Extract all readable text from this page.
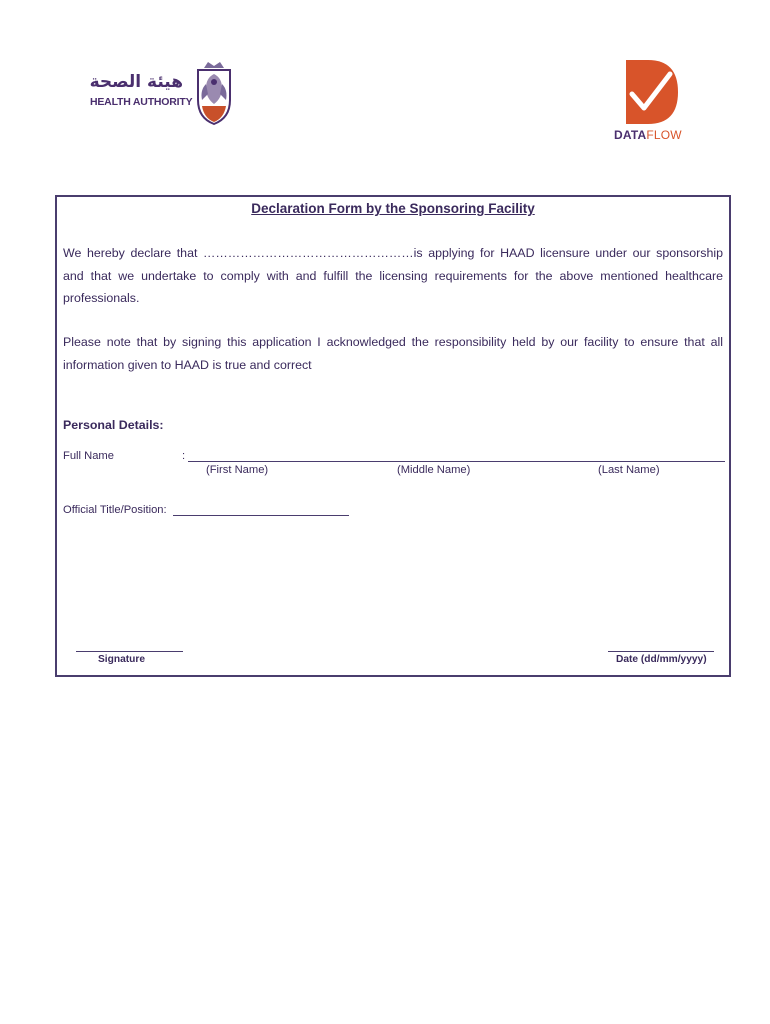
هيئة الصحة
HEALTH AUTHORITY
DATAFLOW
Declaration Form by the Sponsoring Facility
We hereby declare that ……………………………………………is applying for HAAD licensure under our sponsorship and that we undertake to comply with and fulfill the licensing requirements for the above mentioned healthcare professionals.
Please note that by signing this application I acknowledged the responsibility held by our facility to ensure that all information given to HAAD is true and correct
Personal Details:
Full Name	:
(First Name)	(Middle Name)	(Last Name)
Official Title/Position:
Signature	Date (dd/mm/yyyy)
